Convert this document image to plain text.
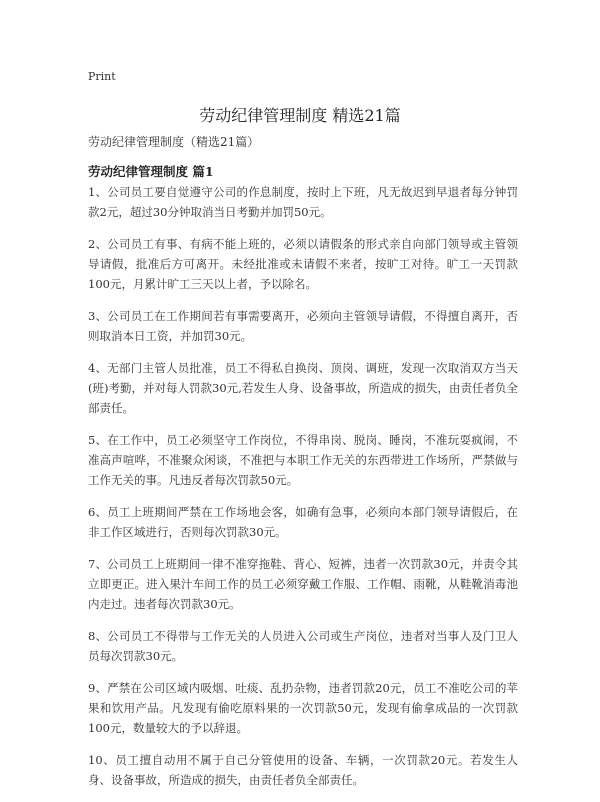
Print
劳动纪律管理制度 精选21篇
劳动纪律管理制度（精选21篇）
劳动纪律管理制度 篇1

1、公司员工要自觉遵守公司的作息制度，按时上下班，凡无故迟到早退者每分钟罚款2元，超过30分钟取消当日考勤并加罚50元。

2、公司员工有事、有病不能上班的，必须以请假条的形式亲自向部门领导或主管领导请假，批准后方可离开。未经批准或未请假不来者，按旷工对待。旷工一天罚款100元，月累计旷工三天以上者，予以除名。

3、公司员工在工作期间若有事需要离开，必须向主管领导请假，不得擅自离开，否则取消本日工资，并加罚30元。

4、无部门主管人员批准，员工不得私自换岗、顶岗、调班，发现一次取消双方当天(班)考勤，并对每人罚款30元,若发生人身、设备事故，所造成的损失，由责任者负全部责任。

5、在工作中，员工必须坚守工作岗位，不得串岗、脱岗、睡岗，不准玩耍疯闹，不准高声喧哗，不准聚众闲谈，不准把与本职工作无关的东西带进工作场所，严禁做与工作无关的事。凡违反者每次罚款50元。

6、员工上班期间严禁在工作场地会客，如确有急事，必须向本部门领导请假后，在非工作区域进行，否则每次罚款30元。

7、公司员工上班期间一律不准穿拖鞋、背心、短裤，违者一次罚款30元，并责令其立即更正。进入果汁车间工作的员工必须穿戴工作服、工作帽、雨靴，从鞋靴消毒池内走过。违者每次罚款30元。

8、公司员工不得带与工作无关的人员进入公司或生产岗位，违者对当事人及门卫人员每次罚款30元。

9、严禁在公司区域内吸烟、吐痰、乱扔杂物，违者罚款20元，员工不准吃公司的苹果和饮用产品。凡发现有偷吃原料果的一次罚款50元，发现有偷拿成品的一次罚款100元，数量较大的予以辞退。

10、员工擅自动用不属于自己分管使用的设备、车辆，一次罚款20元。若发生人身、设备事故，所造成的损失，由责任者负全部责任。
